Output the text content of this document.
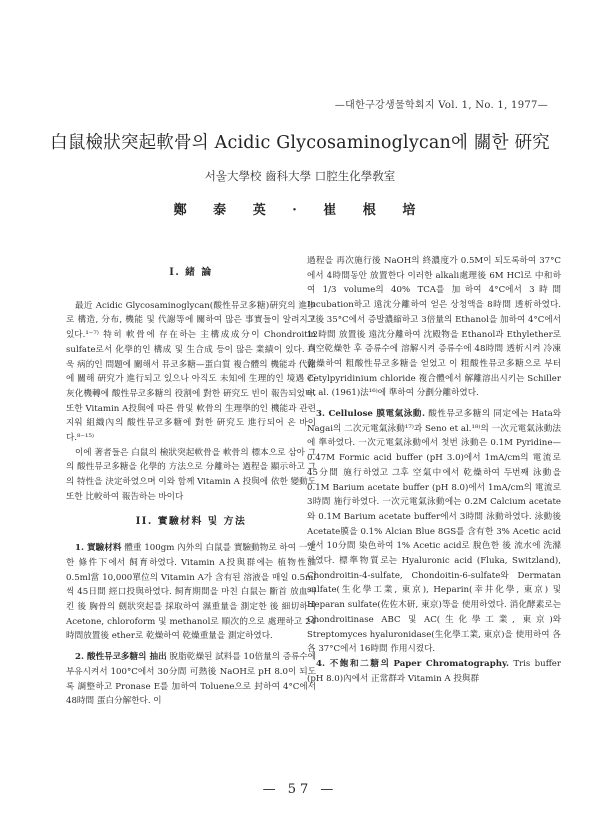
—대한구강생물학회지 Vol. 1, No. 1, 1977—
白鼠檢狀突起軟骨의 Acidic Glycosaminoglycan에 關한 硏究
서울大學校 齒科大學 口腔生化學敎室
鄭 泰 英 · 崔 根 培
I. 緒 論

最近 Acidic Glycosaminoglycan(酸性뮤코多糖)硏究의 進步로 構造, 分布, 機能 및 代謝等에 關하여 많은 事實들이 알려지고 있다.¹⁻⁷⁾ 特히 軟骨에 存在하는 主構成成分이 Chondroitin sulfate로서 化學的인 構成 및 生合成 등이 많은 業績이 있다. 더욱 病的인 問題에 關해서 뮤코多糖—蛋白質 複合體의 機能과 代謝에 關해 硏究가 進行되고 있으나 아직도 未知에 生理的인 境遇 石灰化機轉에 酸性뮤코多糖의 役割에 對한 硏究도 빈이 報告되었다. 또한 Vitamin A投與에 따른 骨및 軟骨의 生理學的인 機能과 관련지워 組織內의 酸性뮤코多糖에 對한 硏究도 進行되어 온 바이다.⁸⁻¹⁵⁾

이에 著者들은 白鼠의 檢狀突起軟骨을 軟骨의 標本으로 삼아 그의 酸性뮤코多糖을 化學的 方法으로 分離하는 過程을 顯示하고 그의 特性을 決定하였으며 이와 함께 Vitamin A 投與에 依한 變動도 또한 比較하여 報告하는 바이다

II. 實驗材料 및 方法

1. 實驗材料 體重 100gm 內外의 白鼠를 實驗動物로 하여 一定한 條件下에서 飼育하였다. Vitamin A投與群에는 植物性油 0.5ml當 10,000單位의 Vitamin A가 含有된 溶液을 매일 0.5ml씩 45日間 經口投與하였다. 飼育期間을 마친 白鼠는 斷首 放血시킨 後 胸骨의 劍狀突起를 採取하여 濕重量을 測定한 後 細切하여 Acetone, chloroform 및 methanol로 順次的으로 處理하고 24時間放置後 ether로 乾燥하여 乾燥重量을 測定하였다.

2. 酸性뮤코多糖의 抽出 脫脂乾燥된 試料를 10倍量의 증류수에 부유시켜서 100°C에서 30分間 可熱後 NaOH로 pH 8.0이 되도록 調整하고 Pronase E를 加하여 Toluene으로 封하여 4°C에서 48時間 蛋白分解한다. 이

過程을 再次施行後 NaOH의 終濃度가 0.5M이 되도록하여 37°C에서 4時間동안 放置한다 이러한 alkali處理後 6M HCl로 中和하여 1/3 volume의 40% TCA를 加하여 4°C에서 3時間 Incubation하고 遠沈分離하여 얻은 상청액을 8時間 透析하였다. 그後 35°C에서 증발濃縮하고 3倍量의 Ethanol을 加하여 4°C에서 12時間 放置後 遠沈分離하여 沈殿物을 Ethanol과 Ethylether로 真空乾燥한 후 증류수에 溶解시켜 증류수에 48時間 透析시켜 冷凍乾燥하여 粗酸性뮤코多糖을 얻었고 이 粗酸性뮤코多糖으로 부터 Cetylpyridinium chloride 複合體에서 解離溶出시키는 Schiller et al. (1961)法¹⁶⁾에 準하여 分劃分離하였다.

3. Cellulose 膜電氣泳動. 酸性뮤코多糖의 同定에는 Hata와 Nagai의 二次元電氣泳動¹⁷⁾과 Seno et al.¹⁸⁾의 一次元電氣泳動法에 準하였다. 一次元電氣泳動에서 첫번 泳動은 0.1M Pyridine—0.47M Formic acid buffer (pH 3.0)에서 1mA/cm의 電流로 45分間 施行하였고 그후 空氣中에서 乾燥하여 두번째 泳動을 0.1M Barium acetate buffer (pH 8.0)에서 1mA/cm의 電流로 3時間 施行하였다. 一次元電氣泳動에는 0.2M Calcium acetate와 0.1M Barium acetate buffer에서 3時間 泳動하였다. 泳動後 Acetate膜을 0.1% Alcian Blue 8GS를 含有한 3% Acetic acid에서 10分間 染色하여 1% Acetic acid로 脫色한 後 流水에 洗滌하였다. 標準物質로는 Hyaluronic acid (Fluka, Switzland), Chondroitin-4-sulfate, Chondoitin-6-sulfate와 Dermatan sulfate(生化學工業, 東京), Heparin(幸井化學, 東京) 및 Heparan sulfate(佐佐木研, 東京)等을 使用하였다. 消化酵素로는 Chondroitinase ABC 및 AC(生化學工業, 東京)와 Streptomyces hyaluronidase(生化學工業, 東京)을 使用하여 各各 37°C에서 16時間 作用시켰다.

4. 不飽和二糖의 Paper Chromatography. Tris buffer (pH 8.0)內에서 正常群과 Vitamin A 投與群

— 57 —
